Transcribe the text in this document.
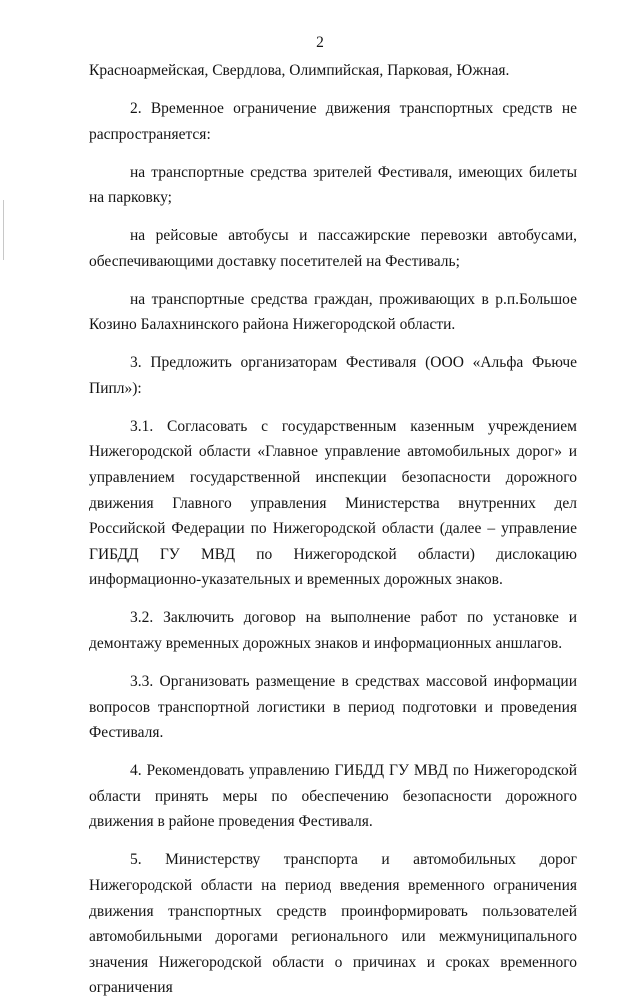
2

Красноармейская, Свердлова, Олимпийская, Парковая, Южная.

2. Временное ограничение движения транспортных средств не распространяется:

на транспортные средства зрителей Фестиваля, имеющих билеты на парковку;

на рейсовые автобусы и пассажирские перевозки автобусами, обеспечивающими доставку посетителей на Фестиваль;

на транспортные средства граждан, проживающих в р.п.Большое Козино Балахнинского района Нижегородской области.

3. Предложить организаторам Фестиваля (ООО «Альфа Фьюче Пипл»):

3.1. Согласовать с государственным казенным учреждением Нижегородской области «Главное управление автомобильных дорог» и управлением государственной инспекции безопасности дорожного движения Главного управления Министерства внутренних дел Российской Федерации по Нижегородской области (далее – управление ГИБДД ГУ МВД по Нижегородской области) дислокацию информационно-указательных и временных дорожных знаков.

3.2. Заключить договор на выполнение работ по установке и демонтажу временных дорожных знаков и информационных аншлагов.

3.3. Организовать размещение в средствах массовой информации вопросов транспортной логистики в период подготовки и проведения Фестиваля.

4. Рекомендовать управлению ГИБДД ГУ МВД по Нижегородской области принять меры по обеспечению безопасности дорожного движения в районе проведения Фестиваля.

5. Министерству транспорта и автомобильных дорог Нижегородской области на период введения временного ограничения движения транспортных средств проинформировать пользователей автомобильными дорогами регионального или межмуниципального значения Нижегородской области о причинах и сроках временного ограничения
